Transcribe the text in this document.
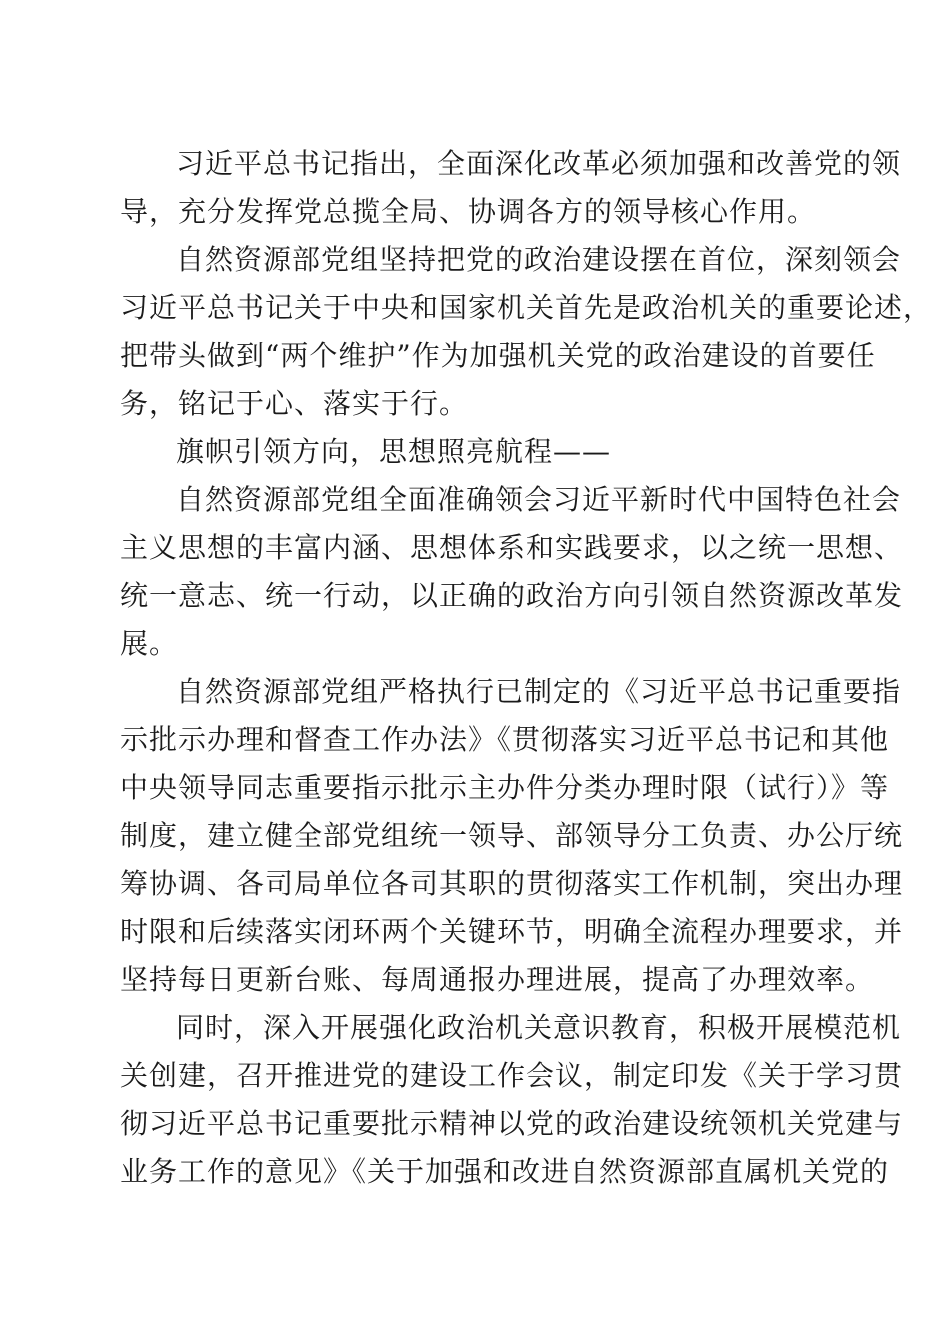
习近平总书记指出，全面深化改革必须加强和改善党的领
导，充分发挥党总揽全局、协调各方的领导核心作用。

自然资源部党组坚持把党的政治建设摆在首位，深刻领会
习近平总书记关于中央和国家机关首先是政治机关的重要论述，
把带头做到“两个维护”作为加强机关党的政治建设的首要任
务，铭记于心、落实于行。

旗帜引领方向，思想照亮航程——

自然资源部党组全面准确领会习近平新时代中国特色社会
主义思想的丰富内涵、思想体系和实践要求，以之统一思想、
统一意志、统一行动，以正确的政治方向引领自然资源改革发
展。

自然资源部党组严格执行已制定的《习近平总书记重要指
示批示办理和督查工作办法》《贯彻落实习近平总书记和其他
中央领导同志重要指示批示主办件分类办理时限（试行）》等
制度，建立健全部党组统一领导、部领导分工负责、办公厅统
筹协调、各司局单位各司其职的贯彻落实工作机制，突出办理
时限和后续落实闭环两个关键环节，明确全流程办理要求，并
坚持每日更新台账、每周通报办理进展，提高了办理效率。

同时，深入开展强化政治机关意识教育，积极开展模范机
关创建，召开推进党的建设工作会议，制定印发《关于学习贯
彻习近平总书记重要批示精神以党的政治建设统领机关党建与
业务工作的意见》《关于加强和改进自然资源部直属机关党的
